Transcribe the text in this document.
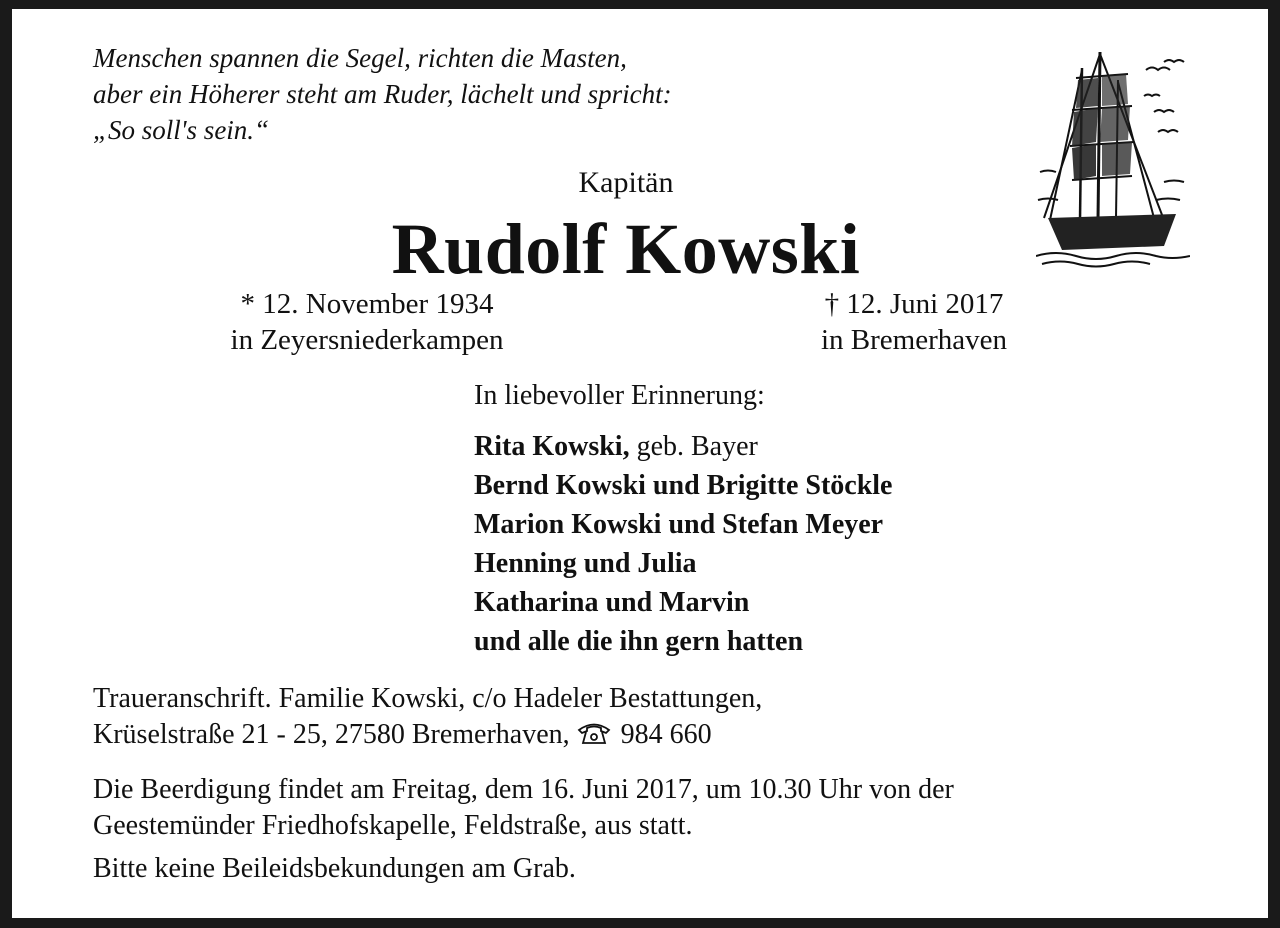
Menschen spannen die Segel, richten die Masten,
aber ein Höherer steht am Ruder, lächelt und spricht:
„So soll's sein.“
Kapitän
Rudolf Kowski
* 12. November 1934
in Zeyersniederkampen
† 12. Juni 2017
in Bremerhaven
In liebevoller Erinnerung:
Rita Kowski, geb. Bayer
Bernd Kowski und Brigitte Stöckle
Marion Kowski und Stefan Meyer
Henning und Julia
Katharina und Marvin
und alle die ihn gern hatten
Traueranschrift. Familie Kowski, c/o Hadeler Bestattungen,
Krüselstraße 21 - 25, 27580 Bremerhaven, 984 660
Die Beerdigung findet am Freitag, dem 16. Juni 2017, um 10.30 Uhr von der
Geestemünder Friedhofskapelle, Feldstraße, aus statt.
Bitte keine Beileidsbekundungen am Grab.
